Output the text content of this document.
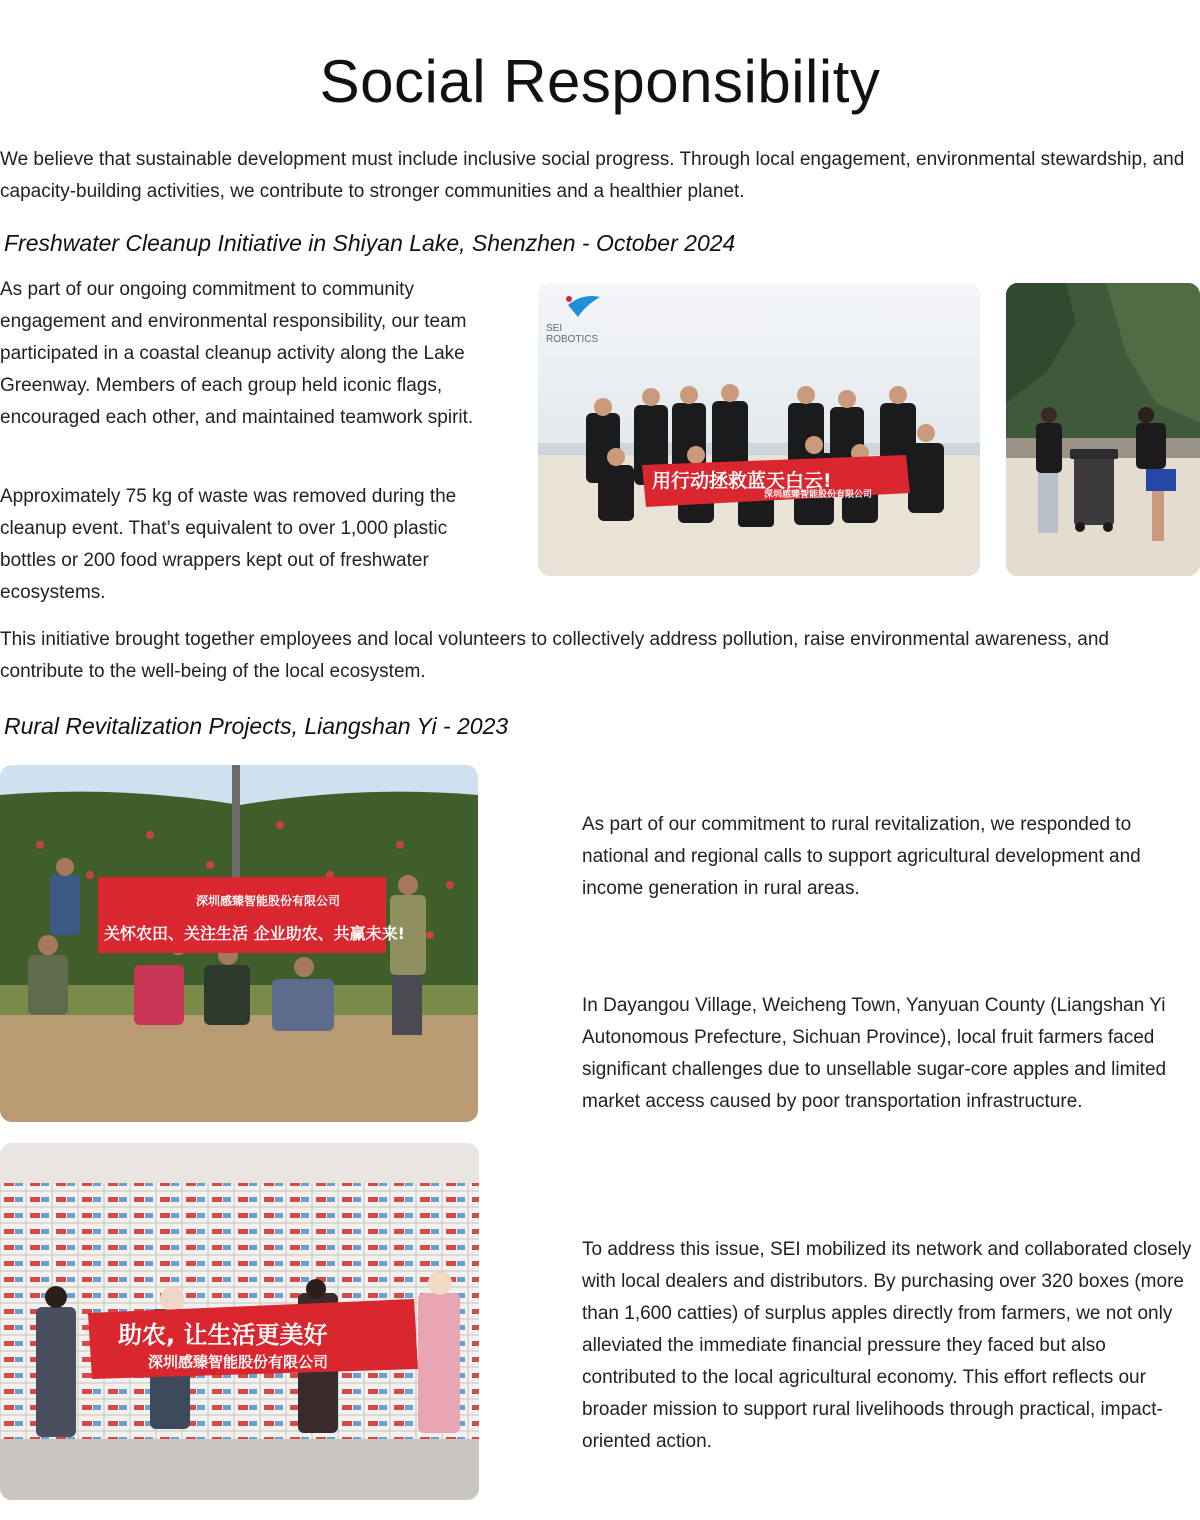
Social Responsibility

We believe that sustainable development must include inclusive social progress. Through local engagement, environmental stewardship, and capacity-building activities, we contribute to stronger communities and a healthier planet.

Freshwater Cleanup Initiative in Shiyan Lake, Shenzhen - October 2024

As part of our ongoing commitment to community engagement and environmental responsibility, our team participated in a coastal cleanup activity along the Lake Greenway. Members of each group held iconic flags, encouraged each other, and maintained teamwork spirit.

Approximately 75 kg of waste was removed during the cleanup event. That’s equivalent to over 1,000 plastic bottles or 200 food wrappers kept out of freshwater ecosystems.

SEI
ROBOTICS
用行动拯救蓝天白云!
深圳感臻智能股份有限公司

This initiative brought together employees and local volunteers to collectively address pollution, raise environmental awareness, and contribute to the well-being of the local ecosystem.

Rural Revitalization Projects, Liangshan Yi - 2023
深圳感臻智能股份有限公司
关怀农田、关注生活 企业助农、共赢未来!
助农, 让生活更美好
深圳感臻智能股份有限公司

As part of our commitment to rural revitalization, we responded to national and regional calls to support agricultural development and income generation in rural areas.

In Dayangou Village, Weicheng Town, Yanyuan County (Liangshan Yi Autonomous Prefecture, Sichuan Province), local fruit farmers faced significant challenges due to unsellable sugar-core apples and limited market access caused by poor transportation infrastructure.

To address this issue, SEI mobilized its network and collaborated closely with local dealers and distributors. By purchasing over 320 boxes (more than 1,600 catties) of surplus apples directly from farmers, we not only alleviated the immediate financial pressure they faced but also contributed to the local agricultural economy. This effort reflects our broader mission to support rural livelihoods through practical, impact-oriented action.
